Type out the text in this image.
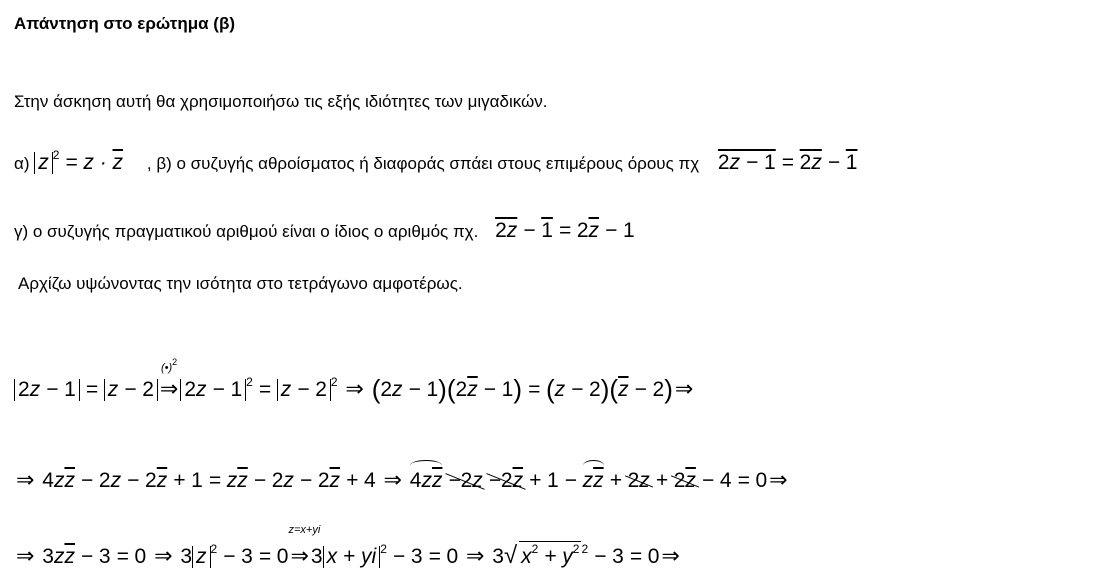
Απάντηση στο ερώτημα (β)
Στην άσκηση αυτή θα χρησιμοποιήσω τις εξής ιδιότητες των μιγαδικών.
α) z $^2 = z \cdot \overline{z}$ , β) ο συζυγής αθροίσματος ή διαφοράς σπάει στους επιμέρους όρους πχ 2z − 1 = 2z − 1
γ) ο συζυγής πραγματικού αριθμού είναι ο ίδιος ο αριθμός πχ. $2z - 1 = 2\overline{z} - 1$
Αρχίζω υψώνοντας την ισότητα στο τετράγωνο αμφοτέρως.
2z − 1 = z − 2 ⇒
(•)$^2$
2z − 1 $^2$ = z − 2 $^2$ ⇒ $(2z - 1)(2\overline{z} - 1) = (z - 2)(\overline{z}$ − 2)⇒
⇒ $4z\overline{z} - 2z - 2\overline{z} + 1 = z\overline{z} - 2z - 2\overline{z} + 4$ ⇒ $4z\overline{z} -2z -2\overline{z} + 1 - z\overline{z} + 2z + 2\overline{z} - 4$ = 0⇒
⇒ $3z\overline{z} - 3 = 0$ ⇒ 3 z $^2$ − 3 = 0⇒
z=x+yi
3 x + yi $^2$ − 3 = 0 ⇒ 3√ $x^2 + y^2$ $^2$ − 3 = 0⇒
